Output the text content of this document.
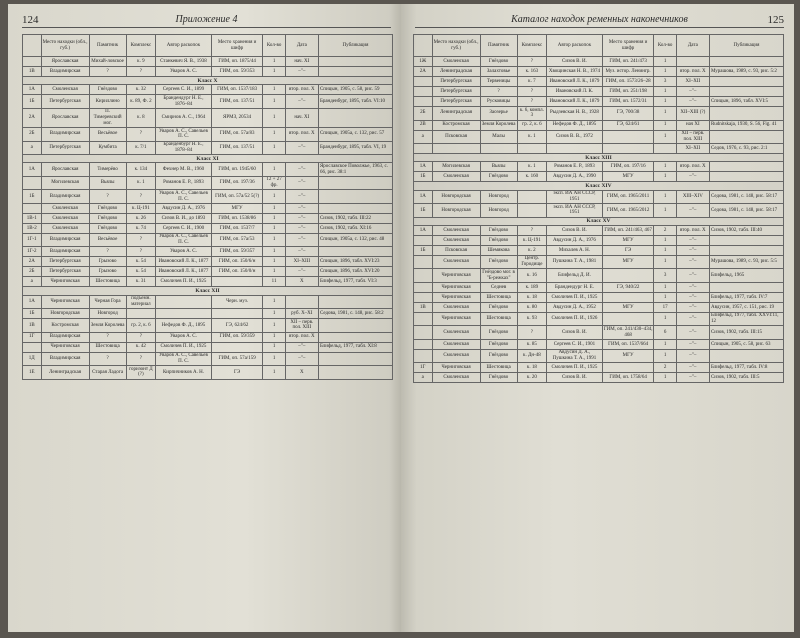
124	Приложение 4
	Место находки (обл., губ.)	Памятник	Комплекс	Автор раскопок	Место хранения и шифр	Кол-во	Дата	Публикация
	Ярославская	Михай-ловское	к. 9	Станкевич Я. В., 1938	ГИМ, оп. 1875/44	1	нач. XI	
1В	Владимирская	?	?	Уваров А. С.	ГИМ, оп. 59/353	1	–"–	
Класс X								
1А	Смоленская	Гнёздово	к. 32	Сергеев С. И., 1899	ГИМ, оп. 1537/183	1	втор. пол. X	Спицын, 1905, с. 58, рис. 59
1Б	Петербургская	Кириллино	к. 89, Ф. 2	Брандендург Н. Е., 1876–84	ГИМ, оп. 137/51	1	–"–	Бранденбург, 1895, табл. VI:10
2А	Ярославская	П. Тимеревский мог.	к. 8	Смирнов А. С., 1964	ЯРМЗ, 20534	1	нач. XI	
2Б	Владимирская	Весьёвое	?	Уваров А. С., Савельев П. С.	ГИМ, оп. 57а/83	1	втор. пол. X	Спицын, 1905а, с. 132, рис. 57
а	Петербургская	Кумбита	к. 7/1	Бранденбург Н. Е., 1878–84	ГИМ, оп. 137/51	1	–"–	Бранденбург, 1895, табл. VI, 19
Класс XI								
1А	Ярославская	Тимерёво	к. 134	Фехнер М. В., 1960	ГИМ, оп. 1945/60	1	–"–	Ярославское Поволжье, 1963, с. 66, рис. 38:1
	Могилевская	Вьялы	к. 1	Романов Е. Р., 1893	ГИМ, оп. 197/36	12 + 27 фр.	–"–	
1Б	Владимирская	?	?	Уваров А. С., Савельев П. С.	ГИМ, оп. 57а/52 5(?)	1	–"–	
	Смоленская	Гнёздово	к. Ц-191	Авдусин Д. А., 1976	МГУ	1	–"–	
1В-1	Смоленская	Гнёздово	к. 26	Сизов В. И., до 1893	ГИМ, оп. 1538/86	1	–"–	Сизов, 1902, табл. III:22
1В-2	Смоленская	Гнёздово	к. 74	Сергеев С. И., 1900	ГИМ, оп. 1537/7	1	–"–	Сизов, 1902, табл. XI:16
1Г-1	Владимирская	Весьёвое	?	Уваров А. С., Савельев П. С.	ГИМ, оп. 57а/53	1	–"–	Спицын, 1905а, с. 132, рис. 48
1Г-2	Владимирская	?	?	Уваров А. С.	ГИМ, оп. 59/357	1	–"–	
2А	Петербургская	Грызово	к. 54	Ивановский Л. К., 1877	ГИМ, оп. 150/6/н	1	XI–XIII	Спицын, 1896, табл. XVI:23
2Б	Петербургская	Грызово	к. 54	Ивановский Л. К., 1877	ГИМ, оп. 150/0/н	1	–"–	Спицын, 1896, табл. XVI:20
а	Черниговская	Шестовица	к. 31	Смоличев П. И., 1925		11	Х	Блифельд, 1977, табл. VI:3
Класс XII								
1А	Черниговская	Черная Гора	подъемн. материал		Черн. муз.	1		
1Б	Новгородская	Новгород				1	руб. X–XI	Седова, 1981, с. 148, рис. 58:2
1В	Костромская	Земля Королева	гр. 2, к. 6	Нефедов Ф. Д., 1895	ГЭ, 624/62	1	XII – перв. пол. XIII	
1Г	Владимирская	?	?	Уваров А. С.	ГИМ, оп. 59/359	1	втор. пол. X	
	Черниговская	Шестовица	к. 42	Смоличев П. И., 1925		1	–"–	Блифельд, 1977, табл. XI:8
1Д	Владимирская	?	?	Уваров А. С., Савельев П. С.	ГИМ, оп. 57а/159	1	–"–	
1Е	Ленинградская	Старая Ладога	горизонт Д (?)	Кирпичников А. Н.	ГЭ	1	Х	
Каталог находок ременных наконечников	125
	Место находки (обл., губ.)	Памятник	Комплекс	Автор раскопок	Место хранения и шифр	Кол-во	Дата	Публикация
1Ж	Смоленская	Гнёздово	?	Сизов В. И.	ГИМ, оп. 241/473	1		
2А	Ленинградская	Залахтовье	к. 163	Хвощинская Н. В., 1974	Муз. истор. Ленингр.	1	втор. пол. X	Мурашова, 1989, с. 93, рис. 5:2
	Петербургская	Тервеницы	к. 7	Ивановский Л. К., 1879	ГИМ, оп. 1573/26–28	3	XI–XII	
	Петербургская	?	?	Ивановский Л. К.	ГИМ, оп. 251/198	1	–"–	
	Петербургская	Русковицы	?	Ивановский Л. К., 1879	ГИМ, оп. 1572/31	1	–"–	Спицын, 1896, табл. XVI:5
2Б	Ленинградская	Заозерье	к. 6, компл. 3	Рыдзевская Н. В., 1928	ГЭ, 700/38	1	XII–XIII (?)	
2В	Костромская	Земля Королева	гр. 2, к. 6	Нефедов Ф. Д., 1895	ГЭ, 624/61	1	нач XI	Rudnitskaja, 1930, S. 56, Fig. 41
а	Псковская	Малы	к. 1	Сизов В. В., 1972		1	XII – перв. пол. XIII	
							XI–XII	Седов, 1976, с. 93, рис. 2:1
Класс XIII								
1А	Могилевская	Вьялы	к. 1	Романов Е. Р., 1893	ГИМ, оп. 197/16	1	втор. пол. X	
1Б	Смоленская	Гнёздово	к. 160	Авдусин Д. А., 1990	МГУ	1	–"–	
Класс XIV								
1А	Новгородская	Новгород		эксп. ИА АН СССР, 1951	ГИМ, оп. 1965/2011	1	XIII–XIV	Седова, 1981, с. 148, рис. 58:17
1Б	Новгородская	Новгород		эксп. ИА АН СССР, 1951	ГИМ, оп. 1965/2012	1	–"–	Седова, 1981, с. 148, рис. 58:17
Класс XV								
1А	Смоленская	Гнёздово	?	Сизов В. И.	ГИМ, оп. 241/463, 467	2	втор. пол. X	Сизов, 1902, табл. III:40
	Смоленская	Гнёздово	к. Ц-191	Авдусин Д. А., 1976	МГУ	1	–"–	
1Б	Псковская	Шемякова	к. 2	Михалев А. Н.	ГЭ	1	–"–	
	Смоленская	Гнёздово	Центр. Городище	Пушкина Т. А., 1981	МГУ	1	–"–	Мурашова, 1989, с. 93, рис. 5:5
	Черниговская	Гнёздово мог. в "Б-режках"	к. 16	Блифельд Д. И.		3	–"–	Блифельд, 1965
	Черниговская	Седнев	к. 189	Брандендург Н. Е.	ГЭ, 940/22	1	–"–	
	Черниговская	Шестовица	к. 18	Смоличев П. И., 1925		1	–"–	Блифельд, 1977, табл. IV:7
1В	Смоленская	Гнёздово	к. 80	Авдусин Д. А., 1952	МГУ	17	–"–	Авдусин, 1957, с. 151, рис. 19
	Черниговская	Шестовица	к. 93	Смоличев П. И., 1926		1	–"–	Блифельд, 1977, табл. XXVI:11, 12
	Смоленская	Гнёздово	?	Сизов В. И.	ГИМ, оп. 241/430–434, 468	6	–"–	Сизов, 1902, табл. III:15
	Смоленская	Гнёздово	к. 85	Сергеев С. И., 1901	ГИМ, оп. 1537/664	1	–"–	Спицын, 1905, с. 58, рис. 63
	Смоленская	Гнёздово	к. Дн-48	Авдусин Д. А., Пушкина Т. А., 1991	МГУ	1	–"–	
1Г	Черниговская	Шестовица	к. 18	Смоличев П. И., 1925		2	–"–	Блифельд, 1977, табл. IV:8
а	Смоленская	Гнёздово	к. 20	Сизов В. И.	ГИМ, оп. 1758/64	1	–"–	Сизов, 1902, табл. III:5
